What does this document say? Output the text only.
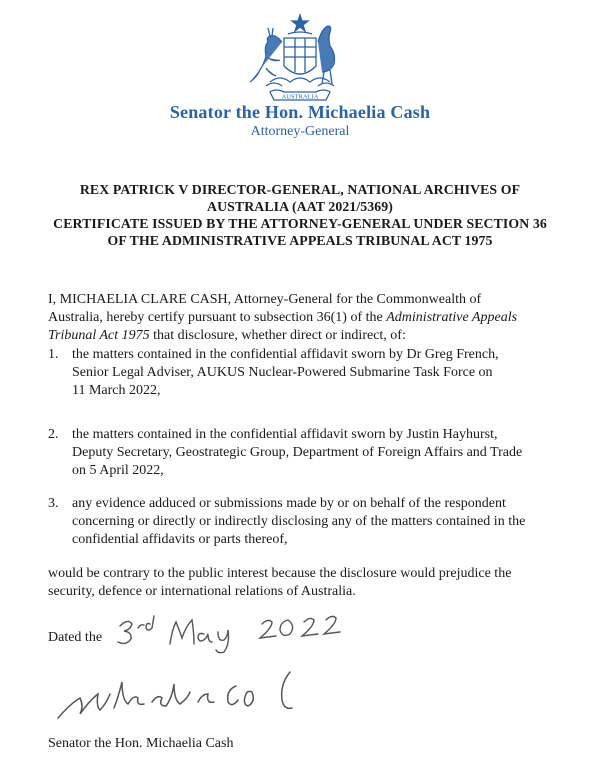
AUSTRALIA
Senator the Hon. Michaelia Cash
Attorney-General
REX PATRICK V DIRECTOR-GENERAL, NATIONAL ARCHIVES OF
AUSTRALIA (AAT 2021/5369)
CERTIFICATE ISSUED BY THE ATTORNEY-GENERAL UNDER SECTION 36
OF THE ADMINISTRATIVE APPEALS TRIBUNAL ACT 1975
I, MICHAELIA CLARE CASH, Attorney-General for the Commonwealth of
Australia, hereby certify pursuant to subsection 36(1) of the Administrative Appeals
Tribunal Act 1975 that disclosure, whether direct or indirect, of:
1. the matters contained in the confidential affidavit sworn by Dr Greg French,
Senior Legal Adviser, AUKUS Nuclear-Powered Submarine Task Force on
11 March 2022,
2. the matters contained in the confidential affidavit sworn by Justin Hayhurst,
Deputy Secretary, Geostrategic Group, Department of Foreign Affairs and Trade
on 5 April 2022,
3. any evidence adduced or submissions made by or on behalf of the respondent
concerning or directly or indirectly disclosing any of the matters contained in the
confidential affidavits or parts thereof,
would be contrary to the public interest because the disclosure would prejudice the
security, defence or international relations of Australia.
Dated the
3rd May 2022
Senator the Hon. Michaelia Cash
